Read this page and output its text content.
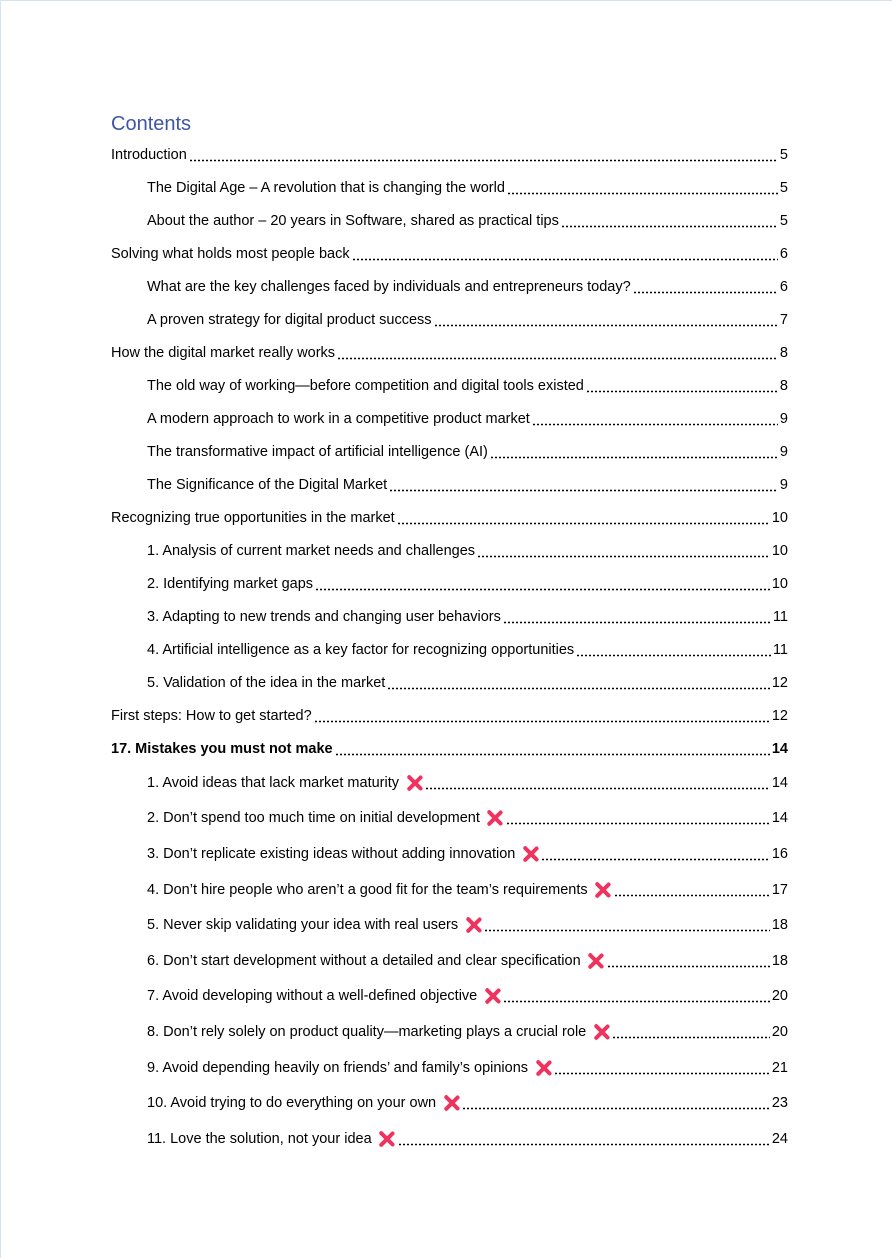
Contents
Introduction	5
The Digital Age – A revolution that is changing the world	5
About the author – 20 years in Software, shared as practical tips	5
Solving what holds most people back	6
What are the key challenges faced by individuals and entrepreneurs today?	6
A proven strategy for digital product success	7
How the digital market really works	8
The old way of working—before competition and digital tools existed	8
A modern approach to work in a competitive product market	9
The transformative impact of artificial intelligence (AI)	9
The Significance of the Digital Market	9
Recognizing true opportunities in the market	10
1. Analysis of current market needs and challenges	10
2. Identifying market gaps	10
3. Adapting to new trends and changing user behaviors	11
4. Artificial intelligence as a key factor for recognizing opportunities	11
5. Validation of the idea in the market	12
First steps: How to get started?	12
17. Mistakes you must not make	14
1. Avoid ideas that lack market maturity	14
2. Don’t spend too much time on initial development	14
3. Don’t replicate existing ideas without adding innovation	16
4. Don’t hire people who aren’t a good fit for the team’s requirements	17
5. Never skip validating your idea with real users	18
6. Don’t start development without a detailed and clear specification	18
7. Avoid developing without a well-defined objective	20
8. Don’t rely solely on product quality—marketing plays a crucial role	20
9. Avoid depending heavily on friends’ and family’s opinions	21
10. Avoid trying to do everything on your own	23
11. Love the solution, not your idea	24
